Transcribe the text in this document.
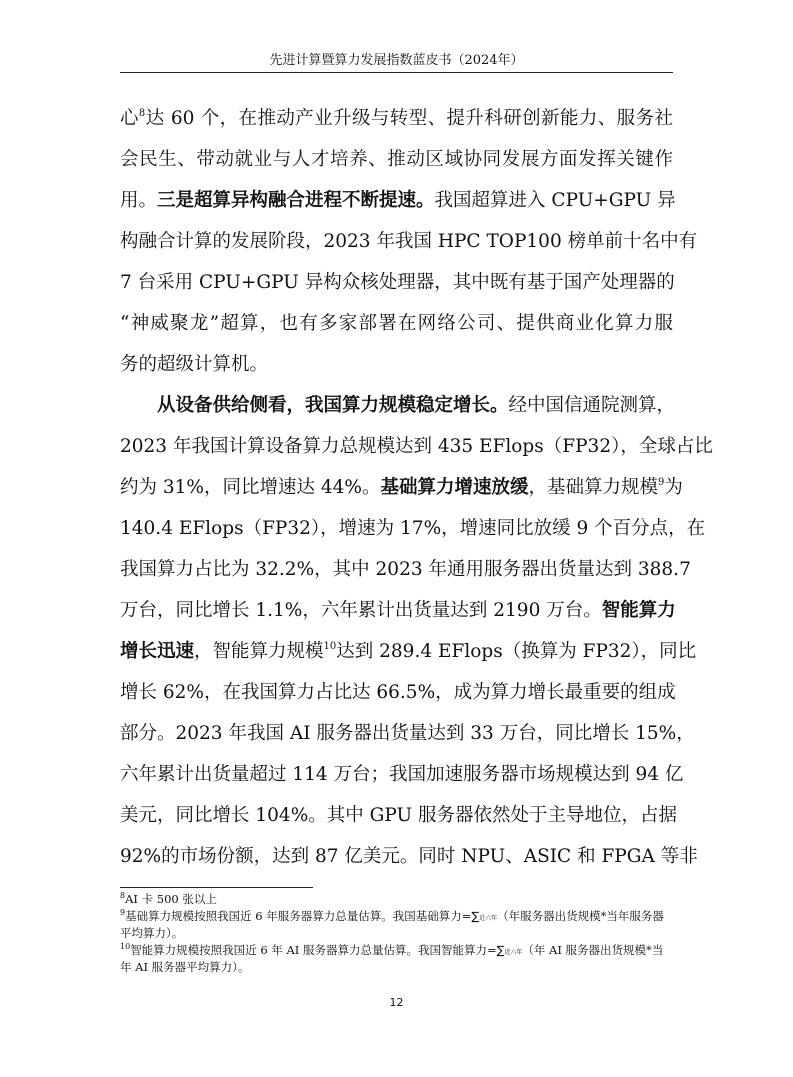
先进计算暨算力发展指数蓝皮书（2024年）
心$^8$达 60 个，在推动产业升级与转型、提升科研创新能力、服务社
会民生、带动就业与人才培养、推动区域协同发展方面发挥关键作
用。三是超算异构融合进程不断提速。我国超算进入 CPU+GPU 异
构融合计算的发展阶段，2023 年我国 HPC TOP100 榜单前十名中有
7 台采用 CPU+GPU 异构众核处理器，其中既有基于国产处理器的
“神威聚龙”超算，也有多家部署在网络公司、提供商业化算力服
务的超级计算机。
从设备供给侧看，我国算力规模稳定增长。经中国信通院测算，
2023 年我国计算设备算力总规模达到 435 EFlops（FP32），全球占比
约为 31%，同比增速达 44%。基础算力增速放缓，基础算力规模$^9$为
140.4 EFlops（FP32），增速为 17%，增速同比放缓 9 个百分点，在
我国算力占比为 32.2%，其中 2023 年通用服务器出货量达到 388.7
万台，同比增长 1.1%，六年累计出货量达到 2190 万台。智能算力
增长迅速，智能算力规模$^{10}$达到 289.4 EFlops（换算为 FP32），同比
增长 62%，在我国算力占比达 66.5%，成为算力增长最重要的组成
部分。2023 年我国 AI 服务器出货量达到 33 万台，同比增长 15%，
六年累计出货量超过 114 万台；我国加速服务器市场规模达到 94 亿
美元，同比增长 104%。其中 GPU 服务器依然处于主导地位，占据
92%的市场份额，达到 87 亿美元。同时 NPU、ASIC 和 FPGA 等非
$^8$AI 卡 500 张以上
$^9$基础算力规模按照我国近 6 年服务器算力总量估算。我国基础算力=∑近六年（年服务器出货规模*当年服务器平均算力）。
$^{10}$智能算力规模按照我国近 6 年 AI 服务器算力总量估算。我国智能算力=∑近六年（年 AI 服务器出货规模*当年 AI 服务器平均算力）。
12
